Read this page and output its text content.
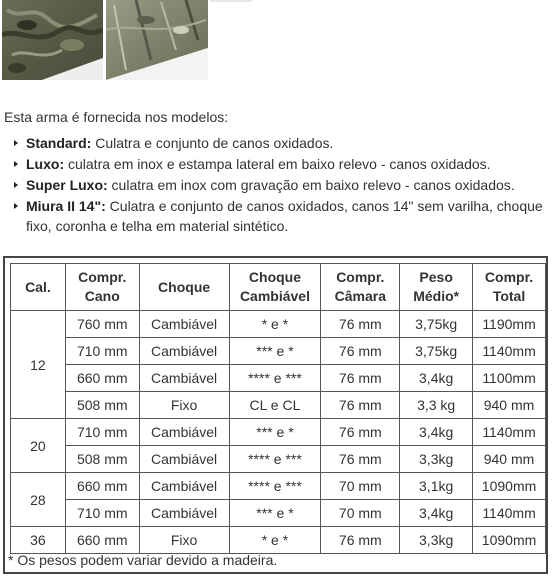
Esta arma é fornecida nos modelos:
Standard: Culatra e conjunto de canos oxidados.
Luxo: culatra em inox e estampa lateral em baixo relevo - canos oxidados.
Super Luxo: culatra em inox com gravação em baixo relevo - canos oxidados.
Miura II 14": Culatra e conjunto de canos oxidados, canos 14" sem varilha, choque fixo, coronha e telha em material sintético.
Cal.	Compr. Cano	Choque	Choque Cambiável	Compr. Câmara	Peso Médio*	Compr. Total
12	760 mm	Cambiável	* e *	76 mm	3,75kg	1190mm
	710 mm	Cambiável	*** e *	76 mm	3,75kg	1140mm
	660 mm	Cambiável	**** e ***	76 mm	3,4kg	1100mm
	508 mm	Fixo	CL e CL	76 mm	3,3 kg	940 mm
20	710 mm	Cambiável	*** e *	76 mm	3,4kg	1140mm
	508 mm	Cambiável	**** e ***	76 mm	3,3kg	940 mm
28	660 mm	Cambiável	**** e ***	70 mm	3,1kg	1090mm
	710 mm	Cambiável	*** e *	70 mm	3,4kg	1140mm
36	660 mm	Fixo	* e *	76 mm	3,3kg	1090mm
* Os pesos podem variar devido a madeira.
